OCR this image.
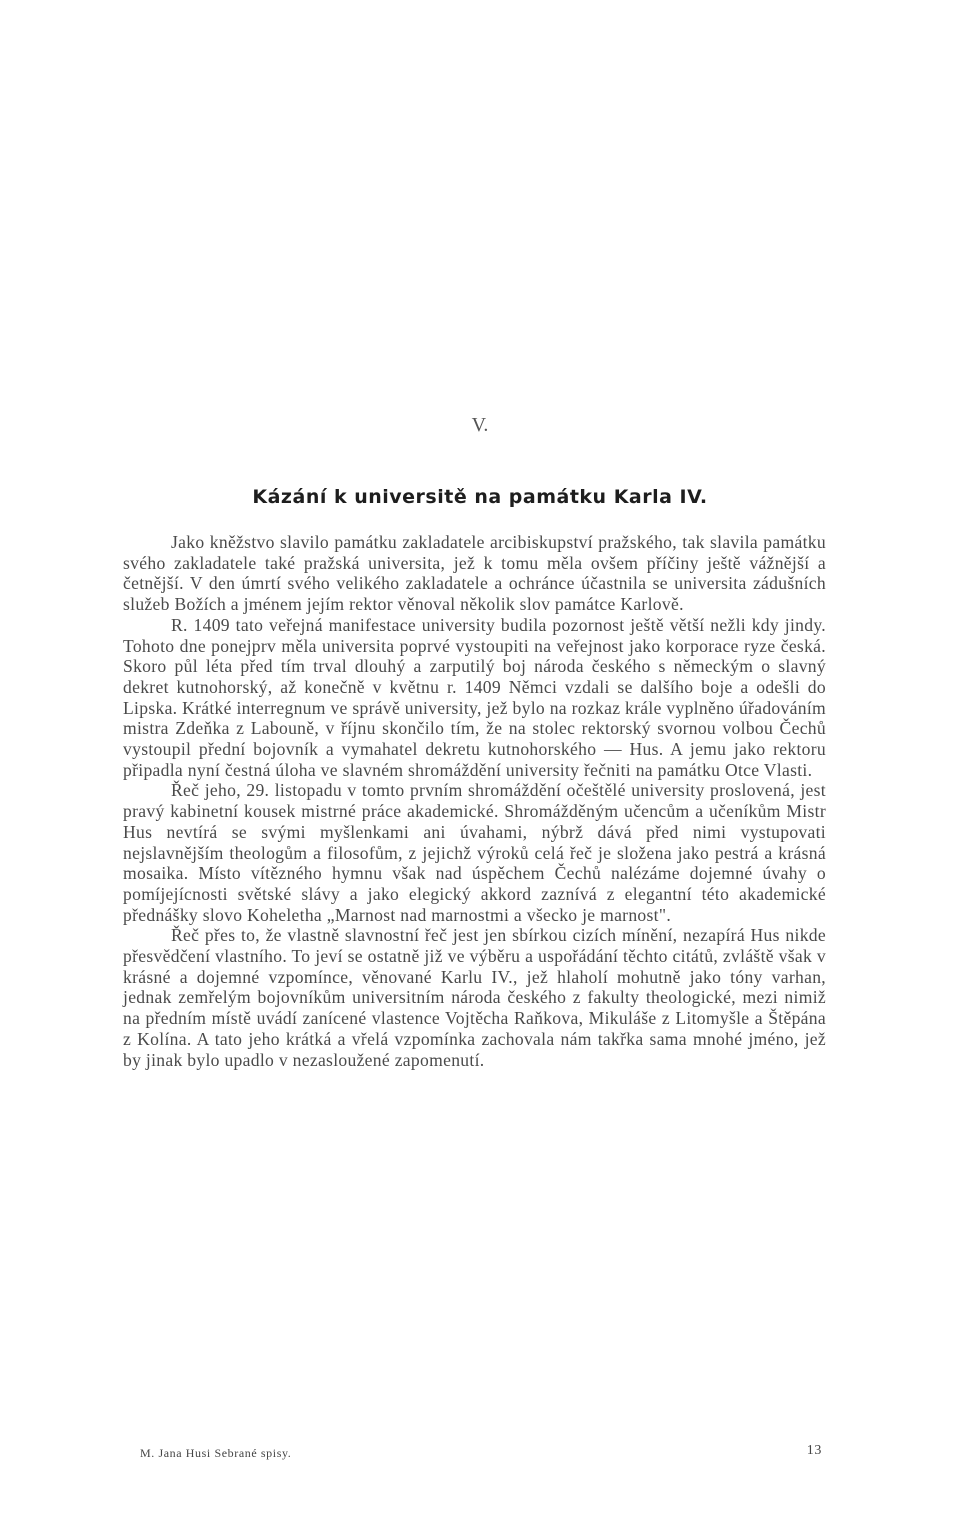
V.
Kázání k universitě na památku Karla IV.

Jako kněžstvo slavilo památku zakladatele arcibiskupství pražského, tak slavila památku svého zakladatele také pražská universita, jež k tomu měla ovšem příčiny ještě vážnější a četnější. V den úmrtí svého velikého zakladatele a ochránce účastnila se universita zádušních služeb Božích a jménem jejím rektor věnoval několik slov památce Karlově.

R. 1409 tato veřejná manifestace university budila pozornost ještě větší nežli kdy jindy. Tohoto dne ponejprv měla universita poprvé vystoupiti na veřejnost jako korporace ryze česká. Skoro půl léta před tím trval dlouhý a zarputilý boj národa českého s německým o slavný dekret kutnohorský, až konečně v květnu r. 1409 Němci vzdali se dalšího boje a odešli do Lipska. Krátké interregnum ve správě university, jež bylo na rozkaz krále vyplněno úřadováním mistra Zdeňka z Labouně, v říjnu skončilo tím, že na stolec rektorský svornou volbou Čechů vystoupil přední bojovník a vymahatel dekretu kutnohorského — Hus. A jemu jako rektoru připadla nyní čestná úloha ve slavném shromáždění university řečniti na památku Otce Vlasti.

Řeč jeho, 29. listopadu v tomto prvním shromáždění očeštělé university proslovená, jest pravý kabinetní kousek mistrné práce akademické. Shromážděným učencům a učeníkům Mistr Hus nevtírá se svými myšlenkami ani úvahami, nýbrž dává před nimi vystupovati nejslavnějším theologům a filosofům, z jejichž výroků celá řeč je složena jako pestrá a krásná mosaika. Místo vítězného hymnu však nad úspěchem Čechů nalézáme dojemné úvahy o pomíjejícnosti světské slávy a jako elegický akkord zaznívá z elegantní této akademické přednášky slovo Koheletha „Marnost nad marnostmi a všecko je marnost".

Řeč přes to, že vlastně slavnostní řeč jest jen sbírkou cizích mínění, nezapírá Hus nikde přesvědčení vlastního. To jeví se ostatně již ve výběru a uspořádání těchto citátů, zvláště však v krásné a dojemné vzpomínce, věnované Karlu IV., jež hlaholí mohutně jako tóny varhan, jednak zemřelým bojovníkům universitním národa českého z fakulty theologické, mezi nimiž na předním místě uvádí zanícené vlastence Vojtěcha Raňkova, Mikuláše z Litomyšle a Štěpána z Kolína. A tato jeho krátká a vřelá vzpomínka zachovala nám takřka sama mnohé jméno, jež by jinak bylo upadlo v nezasloužené zapomenutí.

M. Jana Husi Sebrané spisy.	13
